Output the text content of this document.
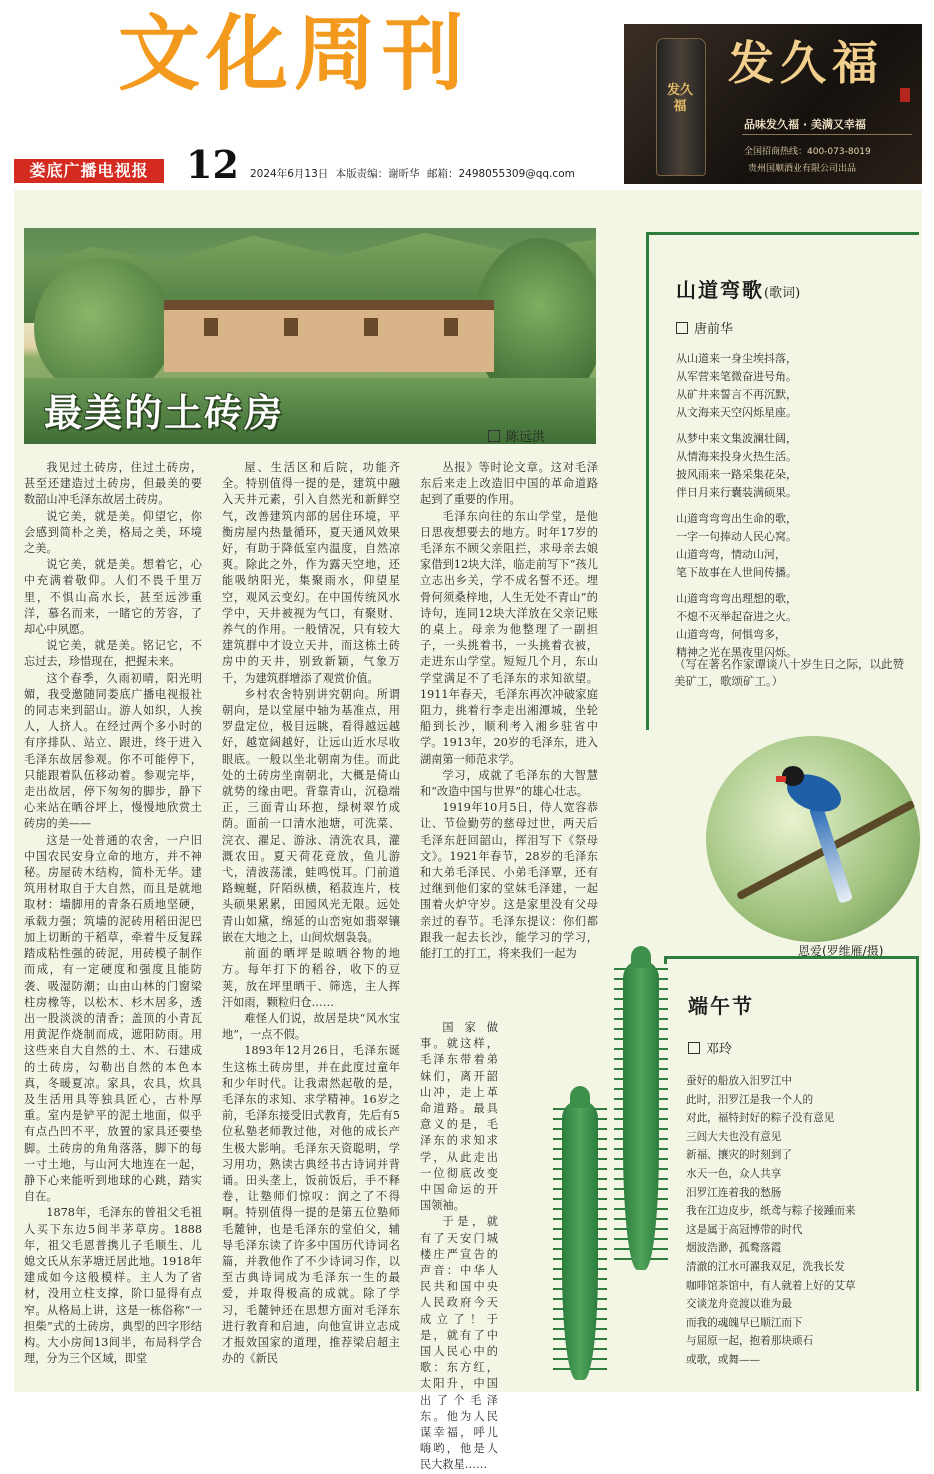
文化周刊
娄底广播电视报 12 2024年6月13日 本版责编：谢昕华 邮箱：2498055309@qq.com
发久福
发久福
品味发久福 · 美满又幸福
全国招商热线：400-073-8019
贵州国顺酒业有限公司出品
最美的土砖房
陈远洪

我见过土砖房，住过土砖房，甚至还建造过土砖房，但最美的要数韶山冲毛泽东故居土砖房。

说它美，就是美。仰望它，你会感到简朴之美，格局之美，环境之美。

说它美，就是美。想着它，心中充满着敬仰。人们不畏千里万里，不惧山高水长，甚至远涉重洋，慕名而来，一睹它的芳容，了却心中夙愿。

说它美，就是美。铭记它，不忘过去，珍惜现在，把握未来。

这个春季，久雨初晴，阳光明媚，我受邀随同娄底广播电视报社的同志来到韶山。游人如织，人挨人，人挤人。在经过两个多小时的有序排队、站立、跟进，终于进入毛泽东故居参观。你不可能停下，只能跟着队伍移动着。参观完毕，走出故居，停下匆匆的脚步，静下心来站在晒谷坪上，慢慢地欣赏土砖房的美——

这是一处普通的农舍，一户旧中国农民安身立命的地方，并不神秘。房屋砖木结构，简朴无华。建筑用材取自于大自然，而且是就地取材：墙脚用的青条石质地坚硬，承载力强；筑墙的泥砖用稻田泥巴加上切断的干稻草，牵着牛反复踩踏成粘性强的砖泥，用砖模子制作而成，有一定硬度和强度且能防袭、吸湿防潮；山由山林的门窗梁柱房橡等，以松木、杉木居多，透出一股淡淡的清香；盖顶的小青瓦用黄泥作烧制而成，遮阳防雨。用这些来自大自然的土、木、石建成的土砖房，勾勒出自然的本色本真，冬暖夏凉。家具，农具，炊具及生活用具等独具匠心，古朴厚重。室内是铲平的泥土地面，似乎有点凸凹不平，放置的家具还要垫脚。土砖房的角角落落，脚下的每一寸土地，与山河大地连在一起，静下心来能听到地球的心跳，踏实自在。

1878年，毛泽东的曾祖父毛祖人买下东边5间半茅草房。1888年，祖父毛恩普携儿子毛顺生、儿媳文氏从东茅塘迁居此地。1918年建成如今这般模样。主人为了省材，没用立柱支撑，阶口显得有点窄。从格局上讲，这是一栋俗称“一担柴”式的土砖房，典型的凹字形结构。大小房间13间半，布局科学合理，分为三个区域，即堂

屋、生活区和后院，功能齐全。特别值得一提的是，建筑中融入天井元素，引入自然光和新鲜空气，改善建筑内部的居住环境，平衡房屋内热量循环，夏天通风效果好，有助于降低室内温度，自然凉爽。除此之外，作为露天空地，还能吸纳阳光，集聚雨水，仰望星空，观风云变幻。在中国传统风水学中，天井被视为气口，有聚财、养气的作用。一般情况，只有较大建筑群中才设立天井，而这栋土砖房中的天井，别致新颖，气象万千，为建筑群增添了观赏价值。

乡村农舍特别讲究朝向。所谓朝向，是以堂屋中轴为基准点，用罗盘定位，极目远眺，看得越远越好，越宽阔越好，让远山近水尽收眼底。一般以坐北朝南为佳。而此处的土砖房坐南朝北，大概是倚山就势的缘由吧。背靠青山，沉稳端正，三面青山环抱，绿树翠竹成荫。面前一口清水池塘，可洗菜、浣衣、濯足、游泳、清洗农具，灌溉农田。夏天荷花竞放，鱼儿游弋，清波荡漾，蛙鸣悦耳。门前道路蜿蜒，阡陌纵横，稻菽连片，枝头硕果累累，田园风光无限。远处青山如黛，绵延的山峦宛如翡翠镶嵌在大地之上，山间炊烟袅袅。

前面的晒坪是晾晒谷物的地方。每年打下的稻谷，收下的豆荚，放在坪里晒干、筛选，主人挥汗如雨，颗粒归仓……

难怪人们说，故居是块“风水宝地”，一点不假。

1893年12月26日，毛泽东诞生这栋土砖房里，并在此度过童年和少年时代。让我肃然起敬的是，毛泽东的求知、求学精神。16岁之前，毛泽东接受旧式教育，先后有5位私塾老师教过他，对他的成长产生极大影响。毛泽东天资聪明，学习用功，熟读古典经书古诗词并背诵。田头垄上，饭前饭后，手不释卷，让塾师们惊叹：润之了不得啊。特别值得一提的是第五位塾师毛麓钟，也是毛泽东的堂伯父，辅导毛泽东读了许多中国历代诗词名篇，并教他作了不少诗词习作，以至古典诗词成为毛泽东一生的最爱，并取得极高的成就。除了学习，毛麓钟还在思想方面对毛泽东进行教育和启迪，向他宣讲立志成才报效国家的道理，推荐梁启超主办的《新民

丛报》等时论文章。这对毛泽东后来走上改造旧中国的革命道路起到了重要的作用。

毛泽东向往的东山学堂，是他日思夜想要去的地方。时年17岁的毛泽东不顾父亲阻拦，求母亲去娘家借到12块大洋，临走前写下“孩儿立志出乡关，学不成名誓不还。埋骨何须桑梓地，人生无处不青山”的诗句，连同12块大洋放在父亲记账的桌上。母亲为他整理了一副担子，一头挑着书，一头挑着衣被，走进东山学堂。短短几个月，东山学堂满足不了毛泽东的求知欲望。1911年春天，毛泽东再次冲破家庭阻力，挑着行李走出湘潭城，坐轮船到长沙，顺利考入湘乡驻省中学。1913年，20岁的毛泽东，进入湖南第一师范求学。

学习，成就了毛泽东的大智慧和“改造中国与世界”的雄心壮志。

1919年10月5日，侍人宽容恭让、节俭勤劳的慈母过世，两天后毛泽东赶回韶山，挥泪写下《祭母文》。1921年春节，28岁的毛泽东和大弟毛泽民、小弟毛泽覃，还有过继到他们家的堂妹毛泽建，一起围着火炉守岁。这是家里没有父母亲过的春节。毛泽东提议：你们都跟我一起去长沙，能学习的学习，能打工的打工，将来我们一起为

国家做事。就这样，毛泽东带着弟妹们，离开韶山冲，走上革命道路。最具意义的是，毛泽东的求知求学，从此走出一位彻底改变中国命运的开国领袖。

于是，就有了天安门城楼庄严宣告的声音：中华人民共和国中央人民政府今天成立了！于是，就有了中国人民心中的歌：东方红，太阳升，中国出了个毛泽东。他为人民谋幸福，呼儿嗨哟，他是人民大救星……

山道弯歌(歌词)
唐前华
从山道来一身尘埃抖落，
从军营来笔微奋进号角。
从矿井来誓言不再沉默，
从文海来天空闪烁星座。
从梦中来文集波澜壮阔，
从情海来投身火热生活。
披风雨来一路采集花朵，
伴日月来行囊装满硕果。
山道弯弯弯出生命的歌，
一字一句捧动人民心窝。
山道弯弯，情动山河，
笔下故事在人世间传播。
山道弯弯弯出理想的歌，
不熄不灭举起奋进之火。
山道弯弯，何惧弯多，
精神之光在黑夜里闪烁。
（写在著名作家谭谈八十岁生日之际，以此赞美矿工，歌颂矿工。）
恩爱(罗维雁/摄)
端午节
邓玲
蚕好的船放入汨罗江中
此时，汨罗江是我一个人的
对此，福特封好的粽子没有意见
三闾大夫也没有意见
新福、攘灾的时刻到了
水天一色，众人共享
汨罗江连着我的愁肠
我在江边皮步，纸鸢与粽子接踵而来
这是属于高冠博带的时代
烟波浩渺，孤鹜落霞
清澈的江水可濯我双足，洗我长发
咖啡馆茶馆中，有人就着上好的艾草
交谈龙舟竞渡以谁为最
而我的魂魄早已顺江而下
与屈原一起，抱着那块顽石
或歌，或舞——
